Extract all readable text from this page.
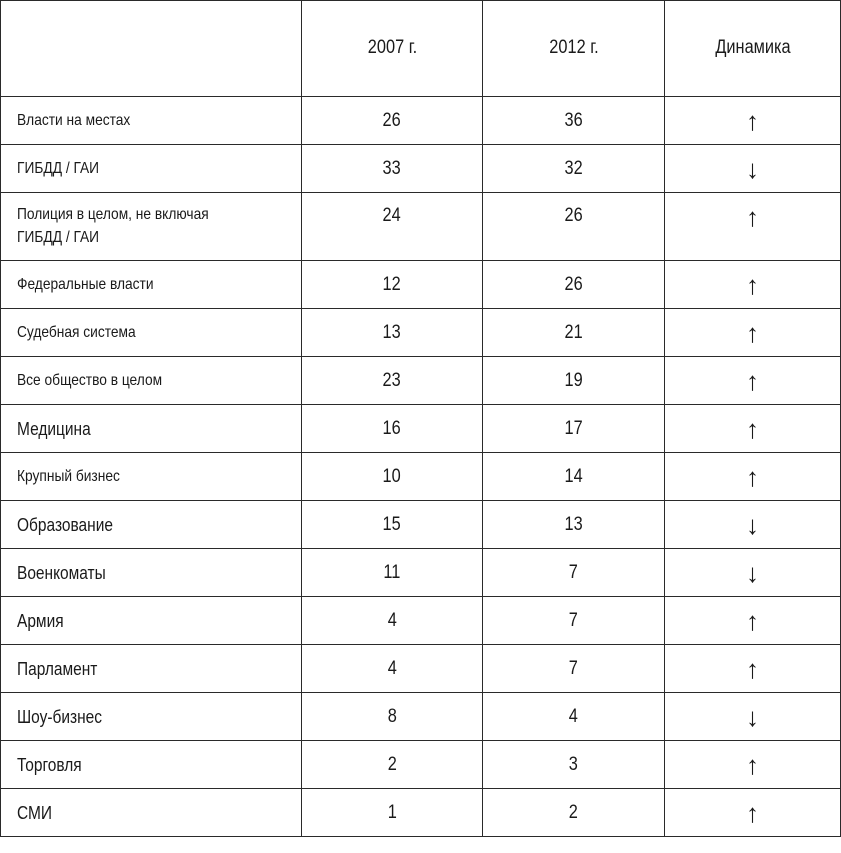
	2007 г.	2012 г.	Динамика
Власти на местах	26	36	↑
ГИБДД / ГАИ	33	32	↓
Полиция в целом, не включая
ГИБДД / ГАИ	24	26	↑
Федеральные власти	12	26	↑
Судебная система	13	21	↑
Все общество в целом	23	19	↑
Медицина	16	17	↑
Крупный бизнес	10	14	↑
Образование	15	13	↓
Военкоматы	11	7	↓
Армия	4	7	↑
Парламент	4	7	↑
Шоу-бизнес	8	4	↓
Торговля	2	3	↑
СМИ	1	2	↑
